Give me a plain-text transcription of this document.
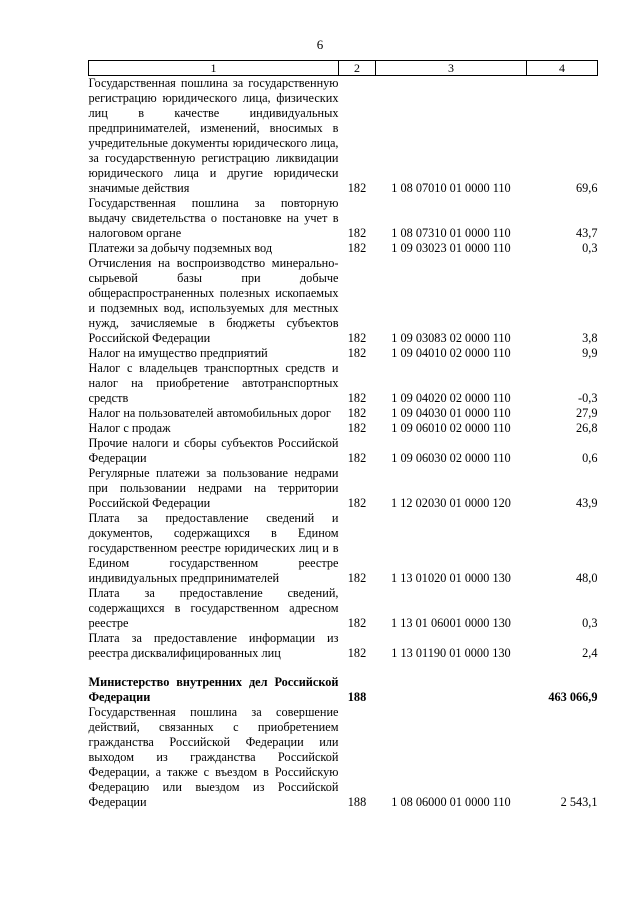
6
1	2	3	4
Государственная пошлина за государственную регистрацию юридического лица, физических лиц в качестве индивидуальных предпринимателей, изменений, вносимых в учредительные документы юридического лица, за государственную регистрацию ликвидации юридического лица и другие юридически значимые действия	182	1 08 07010 01 0000 110	69,6
Государственная пошлина за повторную выдачу свидетельства о постановке на учет в налоговом органе	182	1 08 07310 01 0000 110	43,7
Платежи за добычу подземных вод	182	1 09 03023 01 0000 110	0,3
Отчисления на воспроизводство минерально-сырьевой базы при добыче общераспространенных полезных ископаемых и подземных вод, используемых для местных нужд, зачисляемые в бюджеты субъектов Российской Федерации	182	1 09 03083 02 0000 110	3,8
Налог на имущество предприятий	182	1 09 04010 02 0000 110	9,9
Налог с владельцев транспортных средств и налог на приобретение автотранспортных средств	182	1 09 04020 02 0000 110	-0,3
Налог на пользователей автомобильных дорог	182	1 09 04030 01 0000 110	27,9
Налог с продаж	182	1 09 06010 02 0000 110	26,8
Прочие налоги и сборы субъектов Российской Федерации	182	1 09 06030 02 0000 110	0,6
Регулярные платежи за пользование недрами при пользовании недрами на территории Российской Федерации	182	1 12 02030 01 0000 120	43,9
Плата за предоставление сведений и документов, содержащихся в Едином государственном реестре юридических лиц и в Едином государственном реестре индивидуальных предпринимателей	182	1 13 01020 01 0000 130	48,0
Плата за предоставление сведений, содержащихся в государственном адресном реестре	182	1 13 01 06001 0000 130	0,3
Плата за предоставление информации из реестра дисквалифицированных лиц	182	1 13 01190 01 0000 130	2,4

Министерство внутренних дел Российской Федерации	188		463 066,9
Государственная пошлина за совершение действий, связанных с приобретением гражданства Российской Федерации или выходом из гражданства Российской Федерации, а также с въездом в Российскую Федерацию или выездом из Российской Федерации	188	1 08 06000 01 0000 110	2 543,1
